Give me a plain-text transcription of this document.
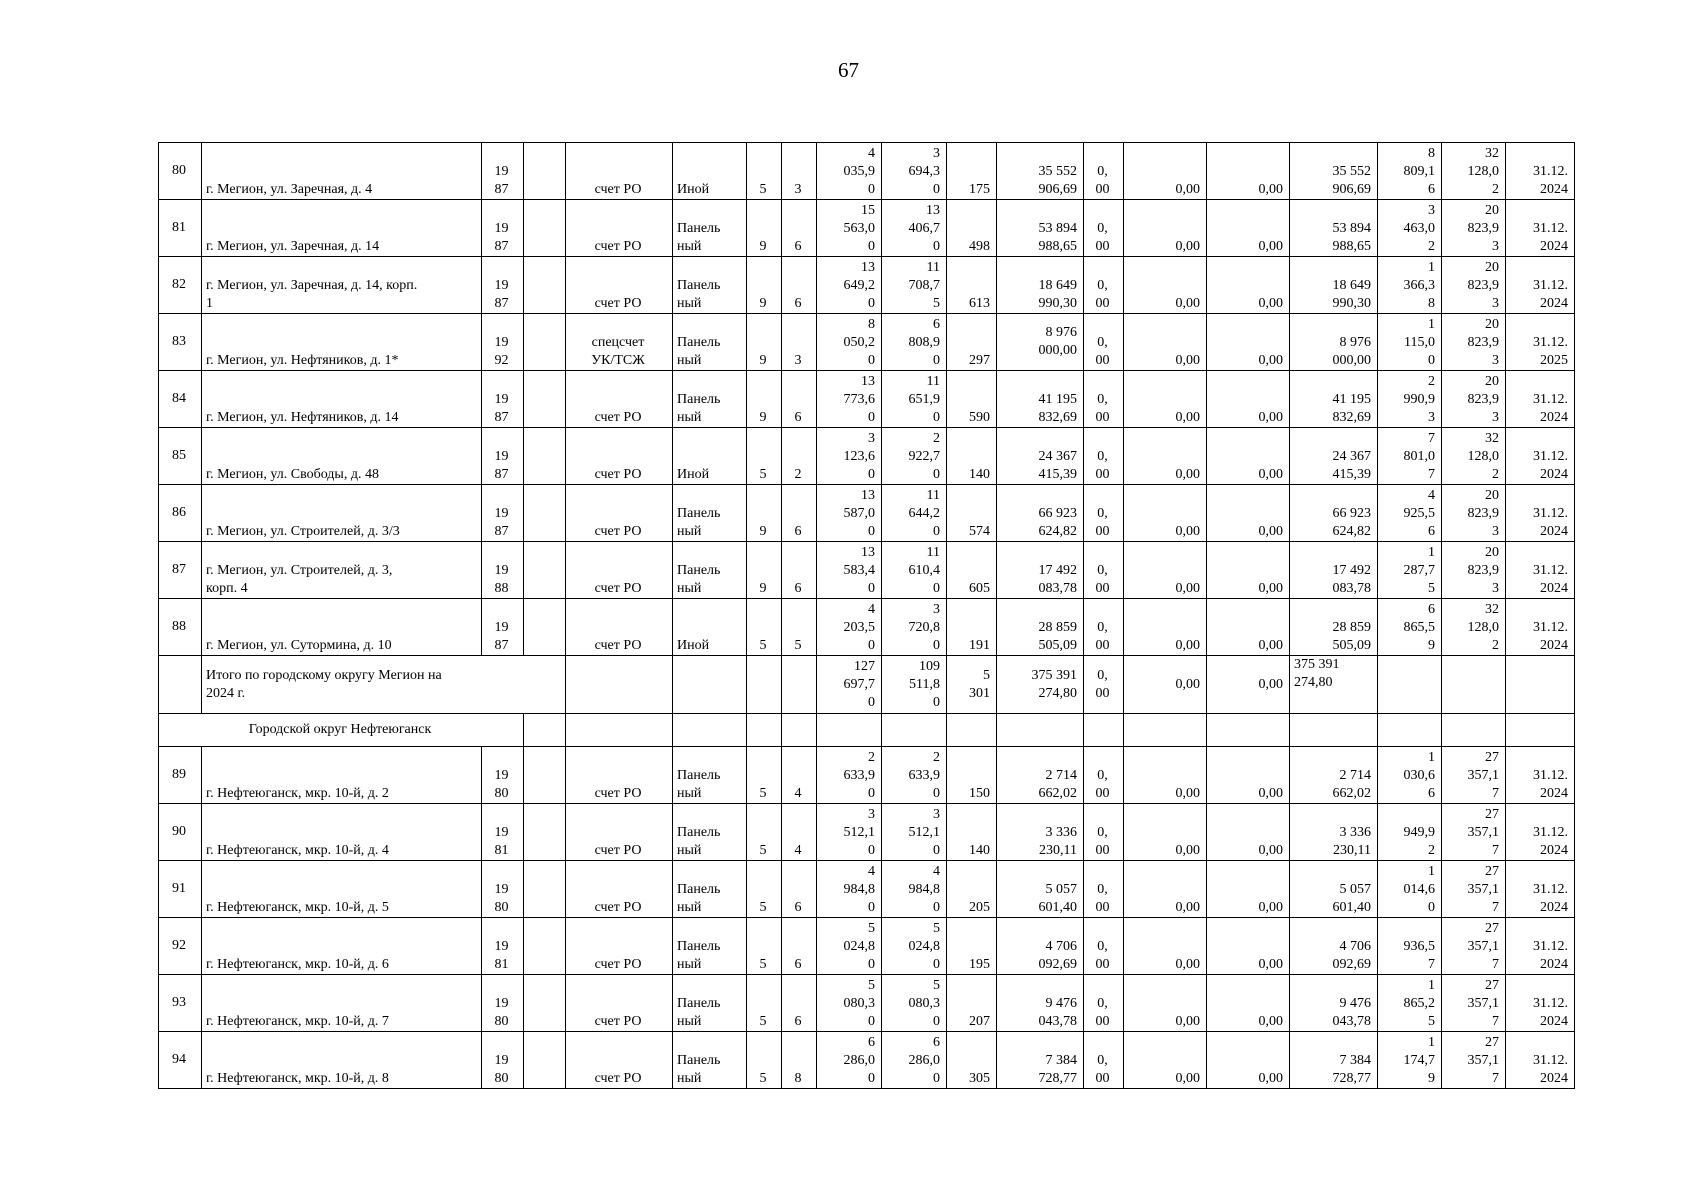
67
80	г. Мегион, ул. Заречная, д. 4	19
87		счет РО	Иной	5	3	4
035,9
0	3
694,3
0	175	35 552
906,69	0,
00	0,00	0,00	35 552
906,69	8
809,1
6	32
128,0
2	31.12.
2024

81	г. Мегион, ул. Заречная, д. 14	19
87		счет РО	Панель
ный	9	6	15
563,0
0	13
406,7
0	498	53 894
988,65	0,
00	0,00	0,00	53 894
988,65	3
463,0
2	20
823,9
3	31.12.
2024

82	г. Мегион, ул. Заречная, д. 14, корп.
1	19
87		счет РО	Панель
ный	9	6	13
649,2
0	11
708,7
5	613	18 649
990,30	0,
00	0,00	0,00	18 649
990,30	1
366,3
8	20
823,9
3	31.12.
2024

83	г. Мегион, ул. Нефтяников, д. 1*	19
92		спецсчет
УК/ТСЖ	Панель
ный	9	3	8
050,2
0	6
808,9
0	297	8 976
000,00	0,
00	0,00	0,00	8 976
000,00	1
115,0
0	20
823,9
3	31.12.
2025

84	г. Мегион, ул. Нефтяников, д. 14	19
87		счет РО	Панель
ный	9	6	13
773,6
0	11
651,9
0	590	41 195
832,69	0,
00	0,00	0,00	41 195
832,69	2
990,9
3	20
823,9
3	31.12.
2024

85	г. Мегион, ул. Свободы, д. 48	19
87		счет РО	Иной	5	2	3
123,6
0	2
922,7
0	140	24 367
415,39	0,
00	0,00	0,00	24 367
415,39	7
801,0
7	32
128,0
2	31.12.
2024

86	г. Мегион, ул. Строителей, д. 3/3	19
87		счет РО	Панель
ный	9	6	13
587,0
0	11
644,2
0	574	66 923
624,82	0,
00	0,00	0,00	66 923
624,82	4
925,5
6	20
823,9
3	31.12.
2024

87	г. Мегион, ул. Строителей, д. 3,
корп. 4	19
88		счет РО	Панель
ный	9	6	13
583,4
0	11
610,4
0	605	17 492
083,78	0,
00	0,00	0,00	17 492
083,78	1
287,7
5	20
823,9
3	31.12.
2024

88	г. Мегион, ул. Сутормина, д. 10	19
87		счет РО	Иной	5	5	4
203,5
0	3
720,8
0	191	28 859
505,09	0,
00	0,00	0,00	28 859
505,09	6
865,5
9	32
128,0
2	31.12.
2024

	Итого по городскому округу Мегион на
2024 г.							127
697,7
0	109
511,8
0	5
301	375 391
274,80	0,
00	0,00	0,00	375 391
274,80			

Городской округ Нефтеюганск																		
89	г. Нефтеюганск, мкр. 10-й, д. 2	19
80		счет РО	Панель
ный	5	4	2
633,9
0	2
633,9
0	150	2 714
662,02	0,
00	0,00	0,00	2 714
662,02	1
030,6
6	27
357,1
7	31.12.
2024

90	г. Нефтеюганск, мкр. 10-й, д. 4	19
81		счет РО	Панель
ный	5	4	3
512,1
0	3
512,1
0	140	3 336
230,11	0,
00	0,00	0,00	3 336
230,11	949,9
2	27
357,1
7	31.12.
2024

91	г. Нефтеюганск, мкр. 10-й, д. 5	19
80		счет РО	Панель
ный	5	6	4
984,8
0	4
984,8
0	205	5 057
601,40	0,
00	0,00	0,00	5 057
601,40	1
014,6
0	27
357,1
7	31.12.
2024

92	г. Нефтеюганск, мкр. 10-й, д. 6	19
81		счет РО	Панель
ный	5	6	5
024,8
0	5
024,8
0	195	4 706
092,69	0,
00	0,00	0,00	4 706
092,69	936,5
7	27
357,1
7	31.12.
2024

93	г. Нефтеюганск, мкр. 10-й, д. 7	19
80		счет РО	Панель
ный	5	6	5
080,3
0	5
080,3
0	207	9 476
043,78	0,
00	0,00	0,00	9 476
043,78	1
865,2
5	27
357,1
7	31.12.
2024

94	г. Нефтеюганск, мкр. 10-й, д. 8	19
80		счет РО	Панель
ный	5	8	6
286,0
0	6
286,0
0	305	7 384
728,77	0,
00	0,00	0,00	7 384
728,77	1
174,7
9	27
357,1
7	31.12.
2024
